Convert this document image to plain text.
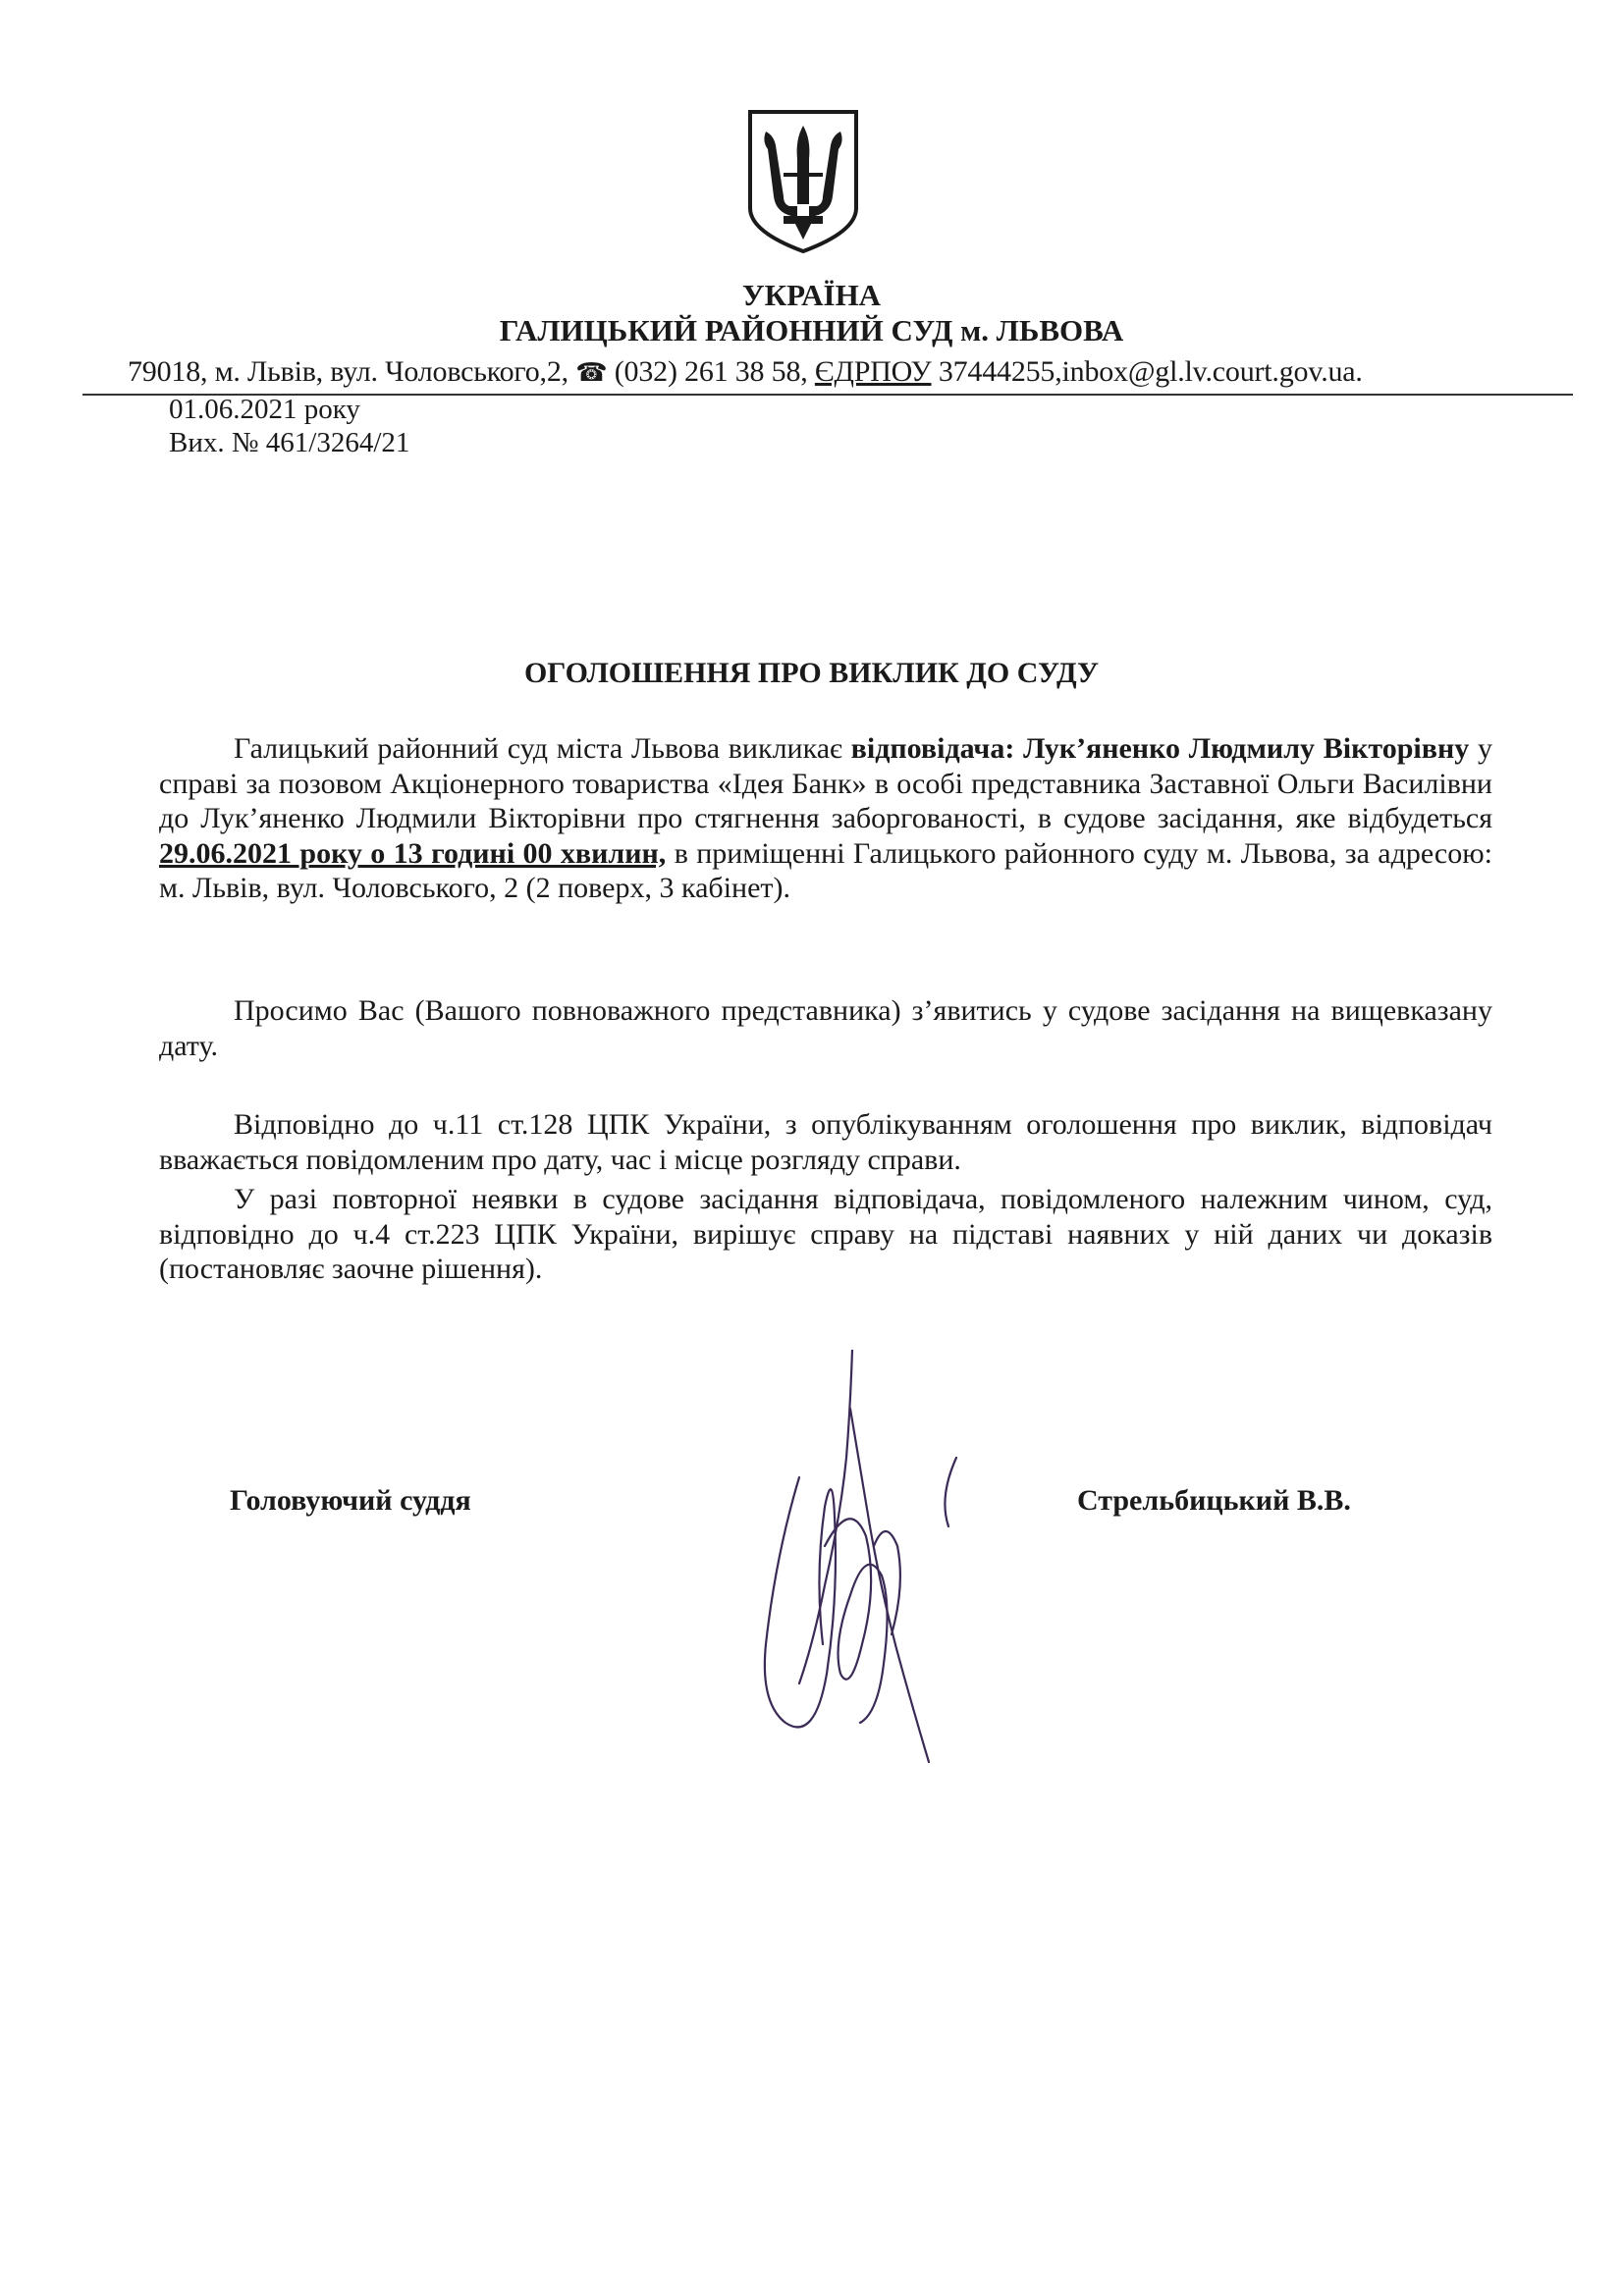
УКРАЇНА
ГАЛИЦЬКИЙ РАЙОННИЙ СУД м. ЛЬВОВА
79018, м. Львів, вул. Чоловського,2, ☎ (032) 261 38 58, ЄДРПОУ 37444255,inbox@gl.lv.court.gov.ua.
01.06.2021 року
Вих. № 461/3264/21
ОГОЛОШЕННЯ ПРО ВИКЛИК ДО СУДУ
Галицький районний суд міста Львова викликає відповідача: Лук’яненко Людмилу Вікторівну у справі за позовом Акціонерного товариства «Ідея Банк» в особі представника Заставної Ольги Василівни до Лук’яненко Людмили Вікторівни про стягнення заборгованості, в судове засідання, яке відбудеться 29.06.2021 року о 13 годині 00 хвилин, в приміщенні Галицького районного суду м. Львова, за адресою: м. Львів, вул. Чоловського, 2 (2 поверх, 3 кабінет).
Просимо Вас (Вашого повноважного представника) з’явитись у судове засідання на вищевказану дату.
Відповідно до ч.11 ст.128 ЦПК України, з опублікуванням оголошення про виклик, відповідач вважається повідомленим про дату, час і місце розгляду справи.
У разі повторної неявки в судове засідання відповідача, повідомленого належним чином, суд, відповідно до ч.4 ст.223 ЦПК України, вирішує справу на підставі наявних у ній даних чи доказів (постановляє заочне рішення).
Головуючий суддя	Стрельбицький В.В.
